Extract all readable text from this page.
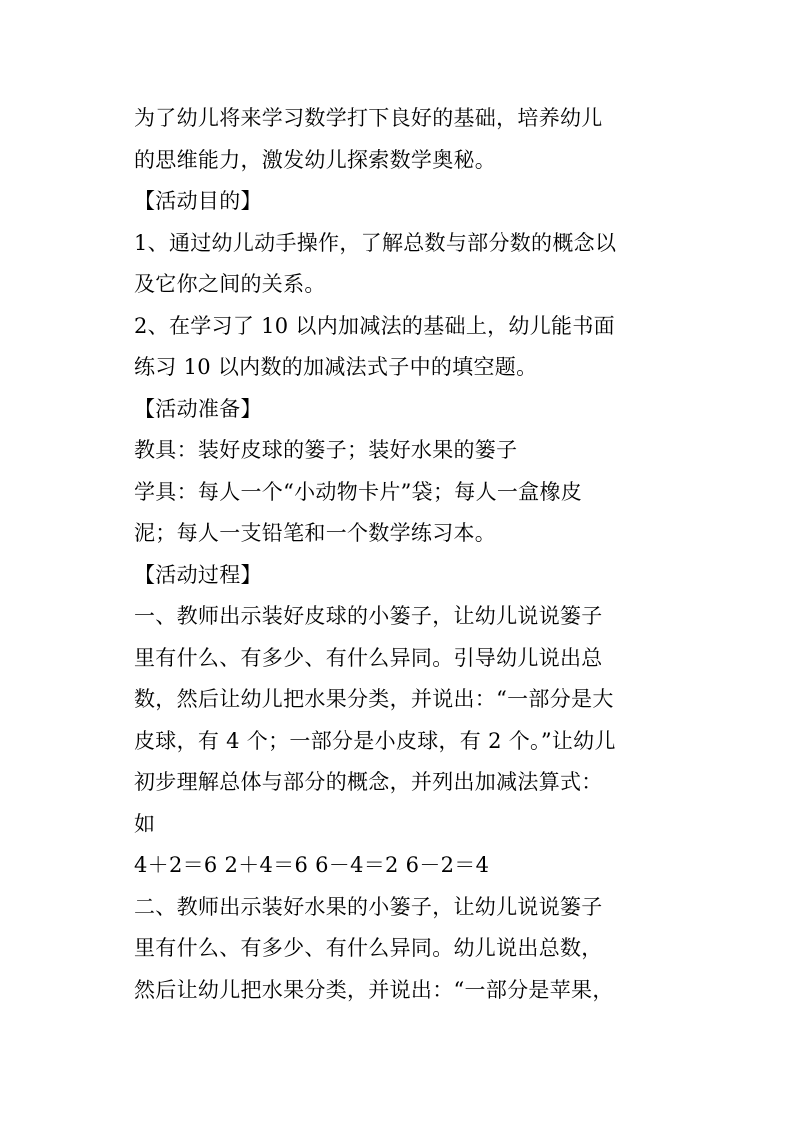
为了幼儿将来学习数学打下良好的基础，培养幼儿
的思维能力，激发幼儿探索数学奥秘。
【活动目的】
1、通过幼儿动手操作，了解总数与部分数的概念以
及它你之间的关系。
2、在学习了 10 以内加减法的基础上，幼儿能书面
练习 10 以内数的加减法式子中的填空题。
【活动准备】
教具：装好皮球的篓子；装好水果的篓子
学具：每人一个“小动物卡片”袋；每人一盒橡皮
泥；每人一支铅笔和一个数学练习本。
【活动过程】
一、教师出示装好皮球的小篓子，让幼儿说说篓子
里有什么、有多少、有什么异同。引导幼儿说出总
数，然后让幼儿把水果分类，并说出：“一部分是大
皮球，有 4 个；一部分是小皮球，有 2 个。”让幼儿
初步理解总体与部分的概念，并列出加减法算式：
如
4＋2＝6 2＋4＝6 6－4＝2 6－2＝4
二、教师出示装好水果的小篓子，让幼儿说说篓子
里有什么、有多少、有什么异同。幼儿说出总数，
然后让幼儿把水果分类，并说出：“一部分是苹果，
